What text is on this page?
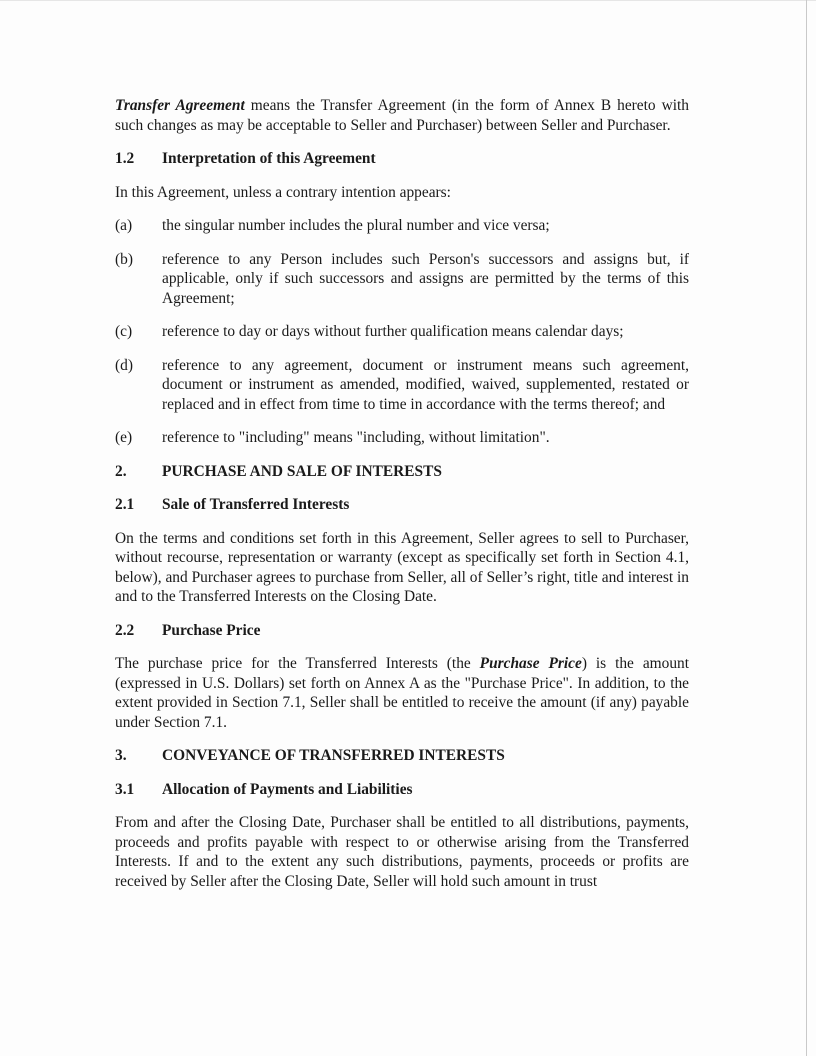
Transfer Agreement means the Transfer Agreement (in the form of Annex B hereto with such changes as may be acceptable to Seller and Purchaser) between Seller and Purchaser.

1.2	Interpretation of this Agreement

In this Agreement, unless a contrary intention appears:

(a)	the singular number includes the plural number and vice versa;
(b)	reference to any Person includes such Person's successors and assigns but, if applicable, only if such successors and assigns are permitted by the terms of this Agreement;
(c)	reference to day or days without further qualification means calendar days;
(d)	reference to any agreement, document or instrument means such agreement, document or instrument as amended, modified, waived, supplemented, restated or replaced and in effect from time to time in accordance with the terms thereof; and
(e)	reference to "including" means "including, without limitation".
2.	PURCHASE AND SALE OF INTERESTS
2.1	Sale of Transferred Interests

On the terms and conditions set forth in this Agreement, Seller agrees to sell to Purchaser, without recourse, representation or warranty (except as specifically set forth in Section 4.1, below), and Purchaser agrees to purchase from Seller, all of Seller’s right, title and interest in and to the Transferred Interests on the Closing Date.

2.2	Purchase Price

The purchase price for the Transferred Interests (the Purchase Price) is the amount (expressed in U.S. Dollars) set forth on Annex A as the "Purchase Price". In addition, to the extent provided in Section 7.1, Seller shall be entitled to receive the amount (if any) payable under Section 7.1.

3.	CONVEYANCE OF TRANSFERRED INTERESTS
3.1	Allocation of Payments and Liabilities

From and after the Closing Date, Purchaser shall be entitled to all distributions, payments, proceeds and profits payable with respect to or otherwise arising from the Transferred Interests. If and to the extent any such distributions, payments, proceeds or profits are received by Seller after the Closing Date, Seller will hold such amount in trust
